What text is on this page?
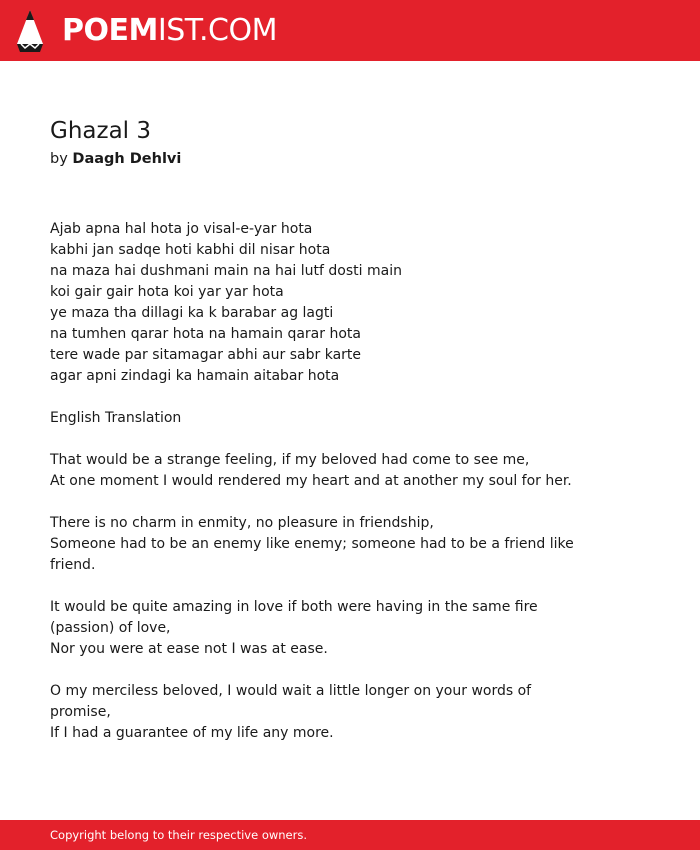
POEMIST.COM
Ghazal 3
by Daagh Dehlvi
Ajab apna hal hota jo visal-e-yar hota
kabhi jan sadqe hoti kabhi dil nisar hota
na maza hai dushmani main na hai lutf dosti main
koi gair gair hota koi yar yar hota
ye maza tha dillagi ka k barabar ag lagti
na tumhen qarar hota na hamain qarar hota
tere wade par sitamagar abhi aur sabr karte
agar apni zindagi ka hamain aitabar hota
English Translation
That would be a strange feeling, if my beloved had come to see me,
At one moment I would rendered my heart and at another my soul for her.
There is no charm in enmity, no pleasure in friendship,
Someone had to be an enemy like enemy; someone had to be a friend like
friend.
It would be quite amazing in love if both were having in the same fire
(passion) of love,
Nor you were at ease not I was at ease.
O my merciless beloved, I would wait a little longer on your words of
promise,
If I had a guarantee of my life any more.
Copyright belong to their respective owners.
